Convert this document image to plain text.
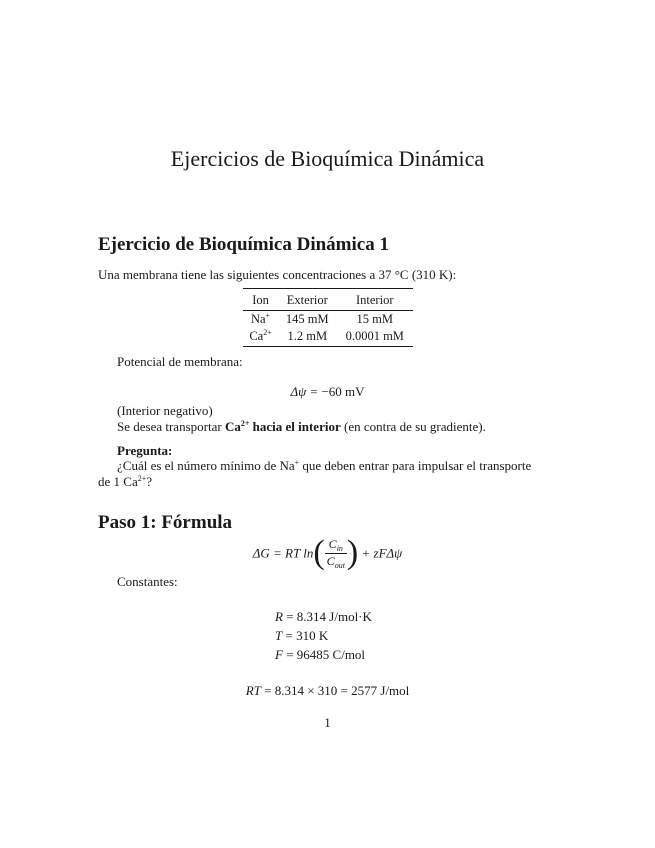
Ejercicios de Bioquímica Dinámica
Ejercicio de Bioquímica Dinámica 1
Una membrana tiene las siguientes concentraciones a 37 °C (310 K):
Ion	Exterior	Interior
Na+	145 mM	15 mM
$Ca^{2+}$	1.2 mM	0.0001 mM
Potencial de membrana:
Δψ = −60 mV
(Interior negativo)
Se desea transportar $Ca^{2+}$ hacia el interior (en contra de su gradiente).
Pregunta:
¿Cuál es el número mínimo de Na+ que deben entrar para impulsar el transporte
de 1 $Ca^{2+}$?
Paso 1: Fórmula
ΔG = RT $\ln( \frac{C_{in}}{C_{out}}$ ) + zFΔψ
Constantes:
R = 8.314 J/mol·K
T = 310 K
F = 96485 C/mol
RT = 8.314 × 310 = 2577 J/mol
1
